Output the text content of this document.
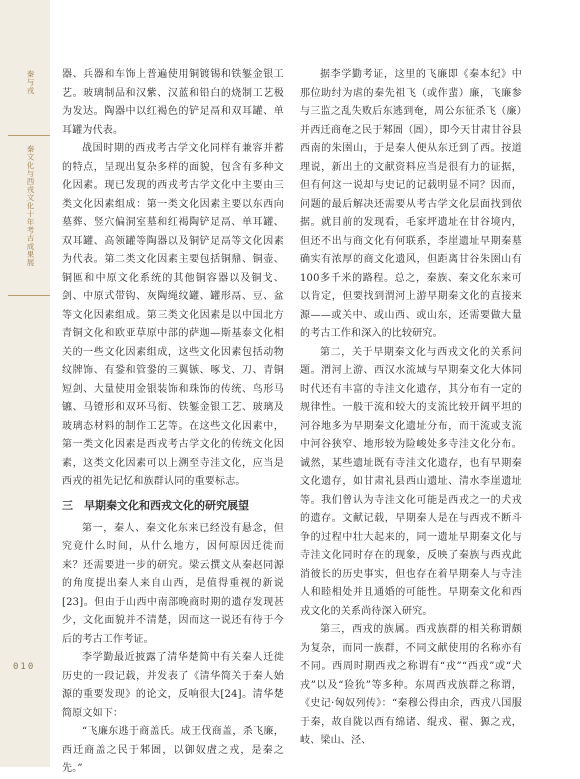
秦与戎
秦文化与西戎文化十年考古成果展
010

器、兵器和车饰上普遍使用铜镀锡和铁錾金银工艺。玻璃制品和汉紫、汉蓝和铅白的烧制工艺极为发达。陶器中以红褐色的铲足鬲和双耳罐、单耳罐为代表。

战国时期的西戎考古学文化同样有兼容并蓄的特点，呈现出复杂多样的面貌，包含有多种文化因素。现已发现的西戎考古学文化中主要由三类文化因素组成：第一类文化因素主要以东西向墓葬、竖穴偏洞室墓和红褐陶铲足鬲、单耳罐、双耳罐、高领罐等陶器以及铜铲足鬲等文化因素为代表。第二类文化因素主要包括铜鼎、铜壶、铜匜和中原文化系统的其他铜容器以及铜戈、剑、中原式带钩、灰陶绳纹罐、罐形鬲、豆、盆等文化因素组成。第三类文化因素是以中国北方青铜文化和欧亚草原中部的萨迦—斯基泰文化相关的一些文化因素组成，这些文化因素包括动物纹牌饰、有銎和管銎的三翼镞、啄戈、刀、青铜短剑、大量使用金银装饰和珠饰的传统、鸟形马镳、马镫形和双环马衔、铁錾金银工艺、玻璃及玻璃态材料的制作工艺等。在这些文化因素中，第一类文化因素是西戎考古学文化的传统文化因素，这类文化因素可以上溯至寺洼文化，应当是西戎的祖先记忆和族群认同的重要标志。

三　早期秦文化和西戎文化的研究展望

第一，秦人、秦文化东来已经没有悬念，但究竟什么时间，从什么地方，因何原因迁徙而来？还需要进一步的研究。梁云撰文从秦赵同源的角度提出秦人来自山西，是值得重视的新说[23]。但由于山西中南部晚商时期的遗存发现甚少，文化面貌并不清楚，因而这一说还有待于今后的考古工作考证。

李学勤最近披露了清华楚简中有关秦人迁徙历史的一段记载，并发表了《清华简关于秦人始源的重要发现》的论文，反响很大[24]。清华楚简原文如下：

“飞廉东逃于商盖氏。成王伐商盖，杀飞廉，西迁商盖之民于邾圄，以御奴虘之戎，是秦之先。”

据李学勤考证，这里的飞廉即《秦本纪》中那位助纣为虐的秦先祖飞（或作蜚）廉，飞廉参与三监之乱失败后东逃到奄，周公东征杀飞（廉）并西迁商奄之民于邾圄（圄），即今天甘肃甘谷县西南的朱圉山，于是秦人便从东迁到了西。按道理说，新出土的文献资料应当是很有力的证据，但有何这一说却与史记的记载明显不同？因而，问题的最后解决还需要从考古学文化层面找到依据。就目前的发现看，毛家坪遗址在甘谷境内，但还不出与商文化有何联系，李崖遗址早期秦墓确实有浓厚的商文化遗风，但距离甘谷朱圉山有100多千米的路程。总之，秦族、秦文化东来可以肯定，但要找到渭河上游早期秦文化的直接来源——或关中、或山西、或山东，还需要做大量的考古工作和深入的比较研究。

第二，关于早期秦文化与西戎文化的关系问题。渭河上游、西汉水流域与早期秦文化大体同时代还有丰富的寺洼文化遗存，其分布有一定的规律性。一般干流和较大的支流比较开阔平坦的河谷地多为早期秦文化遗址分布，而干流或支流中河谷狭窄、地形较为险峻处多寺洼文化分布。诚然，某些遗址既有寺洼文化遗存，也有早期秦文化遗存，如甘肃礼县西山遗址、清水李崖遗址等。我们曾认为寺洼文化可能是西戎之一的犬戎的遗存。文献记载，早期秦人是在与西戎不断斗争的过程中壮大起来的，同一遗址早期秦文化与寺洼文化同时存在的现象，反映了秦族与西戎此消彼长的历史事实，但也存在着早期秦人与寺洼人和睦相处并且通婚的可能性。早期秦文化和西戎文化的关系尚待深入研究。

第三，西戎的族属。西戎族群的相关称谓颇为复杂，而同一族群，不同文献使用的名称亦有不同。西周时期西戎之称谓有“戎”“西戎”或“犬戎”以及“猃狁”等多种。东周西戎族群之称谓，《史记·匈奴列传》：“秦穆公得由余，西戎八国服于秦，故自陇以西有绵诸、绲戎、翟、獂之戎，岐、梁山、泾、
